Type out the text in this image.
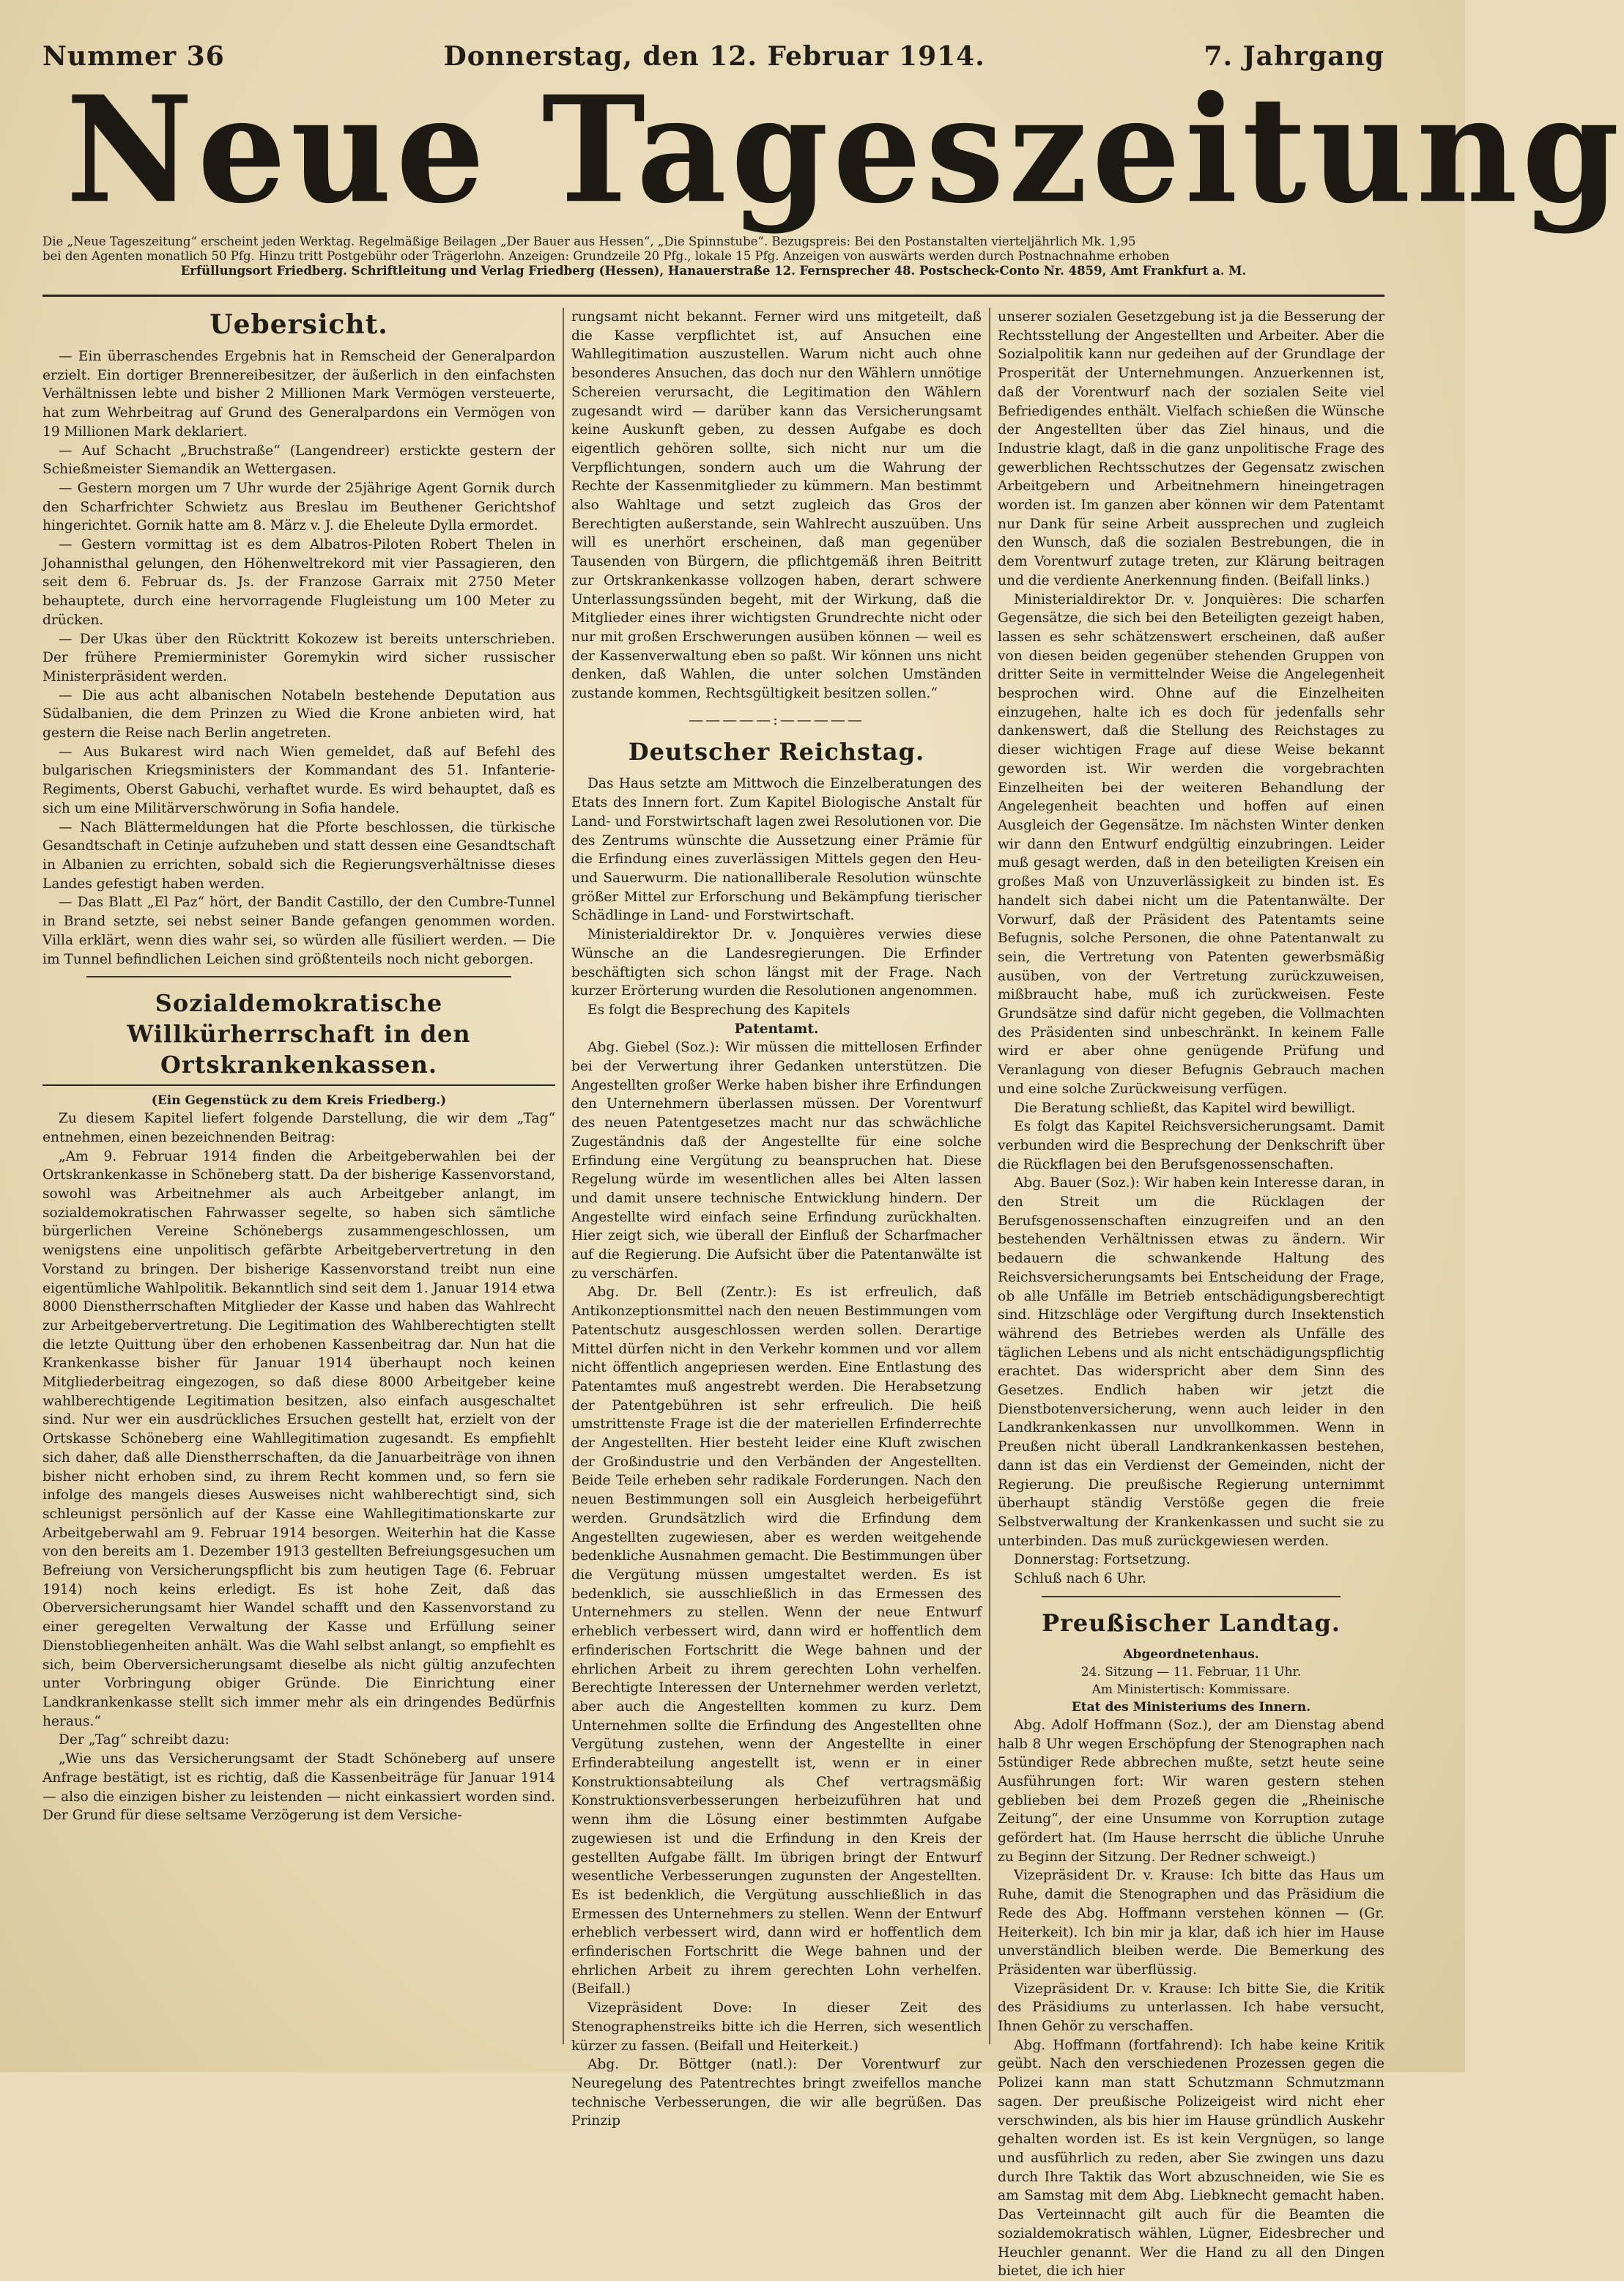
Nummer 36	Donnerstag, den 12. Februar 1914.	7. Jahrgang
Neue Tageszeitung
Die „Neue Tageszeitung“ erscheint jeden Werktag. Regelmäßige Beilagen „Der Bauer aus Hessen“, „Die Spinnstube“. Bezugspreis: Bei den Postanstalten vierteljährlich Mk. 1,95
bei den Agenten monatlich 50 Pfg. Hinzu tritt Postgebühr oder Trägerlohn. Anzeigen: Grundzeile 20 Pfg., lokale 15 Pfg. Anzeigen von auswärts werden durch Postnachnahme erhoben
Erfüllungsort Friedberg. Schriftleitung und Verlag Friedberg (Hessen), Hanauerstraße 12. Fernsprecher 48. Postscheck-Conto Nr. 4859, Amt Frankfurt a. M.
Uebersicht.

— Ein überraschendes Ergebnis hat in Remscheid der Generalpardon erzielt. Ein dortiger Brennereibesitzer, der äußerlich in den einfachsten Verhältnissen lebte und bisher 2 Millionen Mark Vermögen versteuerte, hat zum Wehrbeitrag auf Grund des Generalpardons ein Vermögen von 19 Millionen Mark deklariert.

— Auf Schacht „Bruchstraße“ (Langendreer) erstickte gestern der Schießmeister Siemandik an Wettergasen.

— Gestern morgen um 7 Uhr wurde der 25jährige Agent Gornik durch den Scharfrichter Schwietz aus Breslau im Beuthener Gerichtshof hingerichtet. Gornik hatte am 8. März v. J. die Eheleute Dylla ermordet.

— Gestern vormittag ist es dem Albatros-Piloten Robert Thelen in Johannisthal gelungen, den Höhenweltrekord mit vier Passagieren, den seit dem 6. Februar ds. Js. der Franzose Garraix mit 2750 Meter behauptete, durch eine hervorragende Flugleistung um 100 Meter zu drücken.

— Der Ukas über den Rücktritt Kokozew ist bereits unterschrieben. Der frühere Premierminister Goremykin wird sicher russischer Ministerpräsident werden.

— Die aus acht albanischen Notabeln bestehende Deputation aus Südalbanien, die dem Prinzen zu Wied die Krone anbieten wird, hat gestern die Reise nach Berlin angetreten.

— Aus Bukarest wird nach Wien gemeldet, daß auf Befehl des bulgarischen Kriegsministers der Kommandant des 51. Infanterie-Regiments, Oberst Gabuchi, verhaftet wurde. Es wird behauptet, daß es sich um eine Militärverschwörung in Sofia handele.

— Nach Blättermeldungen hat die Pforte beschlossen, die türkische Gesandtschaft in Cetinje aufzuheben und statt dessen eine Gesandtschaft in Albanien zu errichten, sobald sich die Regierungsverhältnisse dieses Landes gefestigt haben werden.

— Das Blatt „El Paz“ hört, der Bandit Castillo, der den Cumbre-Tunnel in Brand setzte, sei nebst seiner Bande gefangen genommen worden. Villa erklärt, wenn dies wahr sei, so würden alle füsiliert werden. — Die im Tunnel befindlichen Leichen sind größtenteils noch nicht geborgen.

Sozialdemokratische Willkürherrschaft in den Ortskrankenkassen.
(Ein Gegenstück zu dem Kreis Friedberg.)

Zu diesem Kapitel liefert folgende Darstellung, die wir dem „Tag“ entnehmen, einen bezeichnenden Beitrag:

„Am 9. Februar 1914 finden die Arbeitgeberwahlen bei der Ortskrankenkasse in Schöneberg statt. Da der bisherige Kassenvorstand, sowohl was Arbeitnehmer als auch Arbeitgeber anlangt, im sozialdemokratischen Fahrwasser segelte, so haben sich sämtliche bürgerlichen Vereine Schönebergs zusammengeschlossen, um wenigstens eine unpolitisch gefärbte Arbeitgebervertretung in den Vorstand zu bringen. Der bisherige Kassenvorstand treibt nun eine eigentümliche Wahlpolitik. Bekanntlich sind seit dem 1. Januar 1914 etwa 8000 Dienstherrschaften Mitglieder der Kasse und haben das Wahlrecht zur Arbeitgebervertretung. Die Legitimation des Wahlberechtigten stellt die letzte Quittung über den erhobenen Kassenbeitrag dar. Nun hat die Krankenkasse bisher für Januar 1914 überhaupt noch keinen Mitgliederbeitrag eingezogen, so daß diese 8000 Arbeitgeber keine wahlberechtigende Legitimation besitzen, also einfach ausgeschaltet sind. Nur wer ein ausdrückliches Ersuchen gestellt hat, erzielt von der Ortskasse Schöneberg eine Wahllegitimation zugesandt. Es empfiehlt sich daher, daß alle Dienstherrschaften, da die Januarbeiträge von ihnen bisher nicht erhoben sind, zu ihrem Recht kommen und, so fern sie infolge des mangels dieses Ausweises nicht wahlberechtigt sind, sich schleunigst persönlich auf der Kasse eine Wahllegitimationskarte zur Arbeitgeberwahl am 9. Februar 1914 besorgen. Weiterhin hat die Kasse von den bereits am 1. Dezember 1913 gestellten Befreiungsgesuchen um Befreiung von Versicherungspflicht bis zum heutigen Tage (6. Februar 1914) noch keins erledigt. Es ist hohe Zeit, daß das Oberversicherungsamt hier Wandel schafft und den Kassenvorstand zu einer geregelten Verwaltung der Kasse und Erfüllung seiner Dienstobliegenheiten anhält. Was die Wahl selbst anlangt, so empfiehlt es sich, beim Oberversicherungsamt dieselbe als nicht gültig anzufechten unter Vorbringung obiger Gründe. Die Einrichtung einer Landkrankenkasse stellt sich immer mehr als ein dringendes Bedürfnis heraus.“

Der „Tag“ schreibt dazu:

„Wie uns das Versicherungsamt der Stadt Schöneberg auf unsere Anfrage bestätigt, ist es richtig, daß die Kassenbeiträge für Januar 1914 — also die einzigen bisher zu leistenden — nicht einkassiert worden sind. Der Grund für diese seltsame Verzögerung ist dem Versiche-

rungsamt nicht bekannt. Ferner wird uns mitgeteilt, daß die Kasse verpflichtet ist, auf Ansuchen eine Wahllegitimation auszustellen. Warum nicht auch ohne besonderes Ansuchen, das doch nur den Wählern unnötige Schereien verursacht, die Legitimation den Wählern zugesandt wird — darüber kann das Versicherungsamt keine Auskunft geben, zu dessen Aufgabe es doch eigentlich gehören sollte, sich nicht nur um die Verpflichtungen, sondern auch um die Wahrung der Rechte der Kassenmitglieder zu kümmern. Man bestimmt also Wahltage und setzt zugleich das Gros der Berechtigten außerstande, sein Wahlrecht auszuüben. Uns will es unerhört erscheinen, daß man gegenüber Tausenden von Bürgern, die pflichtgemäß ihren Beitritt zur Ortskrankenkasse vollzogen haben, derart schwere Unterlassungssünden begeht, mit der Wirkung, daß die Mitglieder eines ihrer wichtigsten Grundrechte nicht oder nur mit großen Erschwerungen ausüben können — weil es der Kassenverwaltung eben so paßt. Wir können uns nicht denken, daß Wahlen, die unter solchen Umständen zustande kommen, Rechtsgültigkeit besitzen sollen.“

—————:—————
Deutscher Reichstag.

Das Haus setzte am Mittwoch die Einzelberatungen des Etats des Innern fort. Zum Kapitel Biologische Anstalt für Land- und Forstwirtschaft lagen zwei Resolutionen vor. Die des Zentrums wünschte die Aussetzung einer Prämie für die Erfindung eines zuverlässigen Mittels gegen den Heu- und Sauerwurm. Die nationalliberale Resolution wünschte größer Mittel zur Erforschung und Bekämpfung tierischer Schädlinge in Land- und Forstwirtschaft.

Ministerialdirektor Dr. v. Jonquières verwies diese Wünsche an die Landesregierungen. Die Erfinder beschäftigten sich schon längst mit der Frage. Nach kurzer Erörterung wurden die Resolutionen angenommen.

Es folgt die Besprechung des Kapitels

Patentamt.

Abg. Giebel (Soz.): Wir müssen die mittellosen Erfinder bei der Verwertung ihrer Gedanken unterstützen. Die Angestellten großer Werke haben bisher ihre Erfindungen den Unternehmern überlassen müssen. Der Vorentwurf des neuen Patentgesetzes macht nur das schwächliche Zugeständnis daß der Angestellte für eine solche Erfindung eine Vergütung zu beanspruchen hat. Diese Regelung würde im wesentlichen alles bei Alten lassen und damit unsere technische Entwicklung hindern. Der Angestellte wird einfach seine Erfindung zurückhalten. Hier zeigt sich, wie überall der Einfluß der Scharfmacher auf die Regierung. Die Aufsicht über die Patentanwälte ist zu verschärfen.

Abg. Dr. Bell (Zentr.): Es ist erfreulich, daß Antikonzeptionsmittel nach den neuen Bestimmungen vom Patentschutz ausgeschlossen werden sollen. Derartige Mittel dürfen nicht in den Verkehr kommen und vor allem nicht öffentlich angepriesen werden. Eine Entlastung des Patentamtes muß angestrebt werden. Die Herabsetzung der Patentgebühren ist sehr erfreulich. Die heiß umstrittenste Frage ist die der materiellen Erfinderrechte der Angestellten. Hier besteht leider eine Kluft zwischen der Großindustrie und den Verbänden der Angestellten. Beide Teile erheben sehr radikale Forderungen. Nach den neuen Bestimmungen soll ein Ausgleich herbeigeführt werden. Grundsätzlich wird die Erfindung dem Angestellten zugewiesen, aber es werden weitgehende bedenkliche Ausnahmen gemacht. Die Bestimmungen über die Vergütung müssen umgestaltet werden. Es ist bedenklich, sie ausschließlich in das Ermessen des Unternehmers zu stellen. Wenn der neue Entwurf erheblich verbessert wird, dann wird er hoffentlich dem erfinderischen Fortschritt die Wege bahnen und der ehrlichen Arbeit zu ihrem gerechten Lohn verhelfen. Berechtigte Interessen der Unternehmer werden verletzt, aber auch die Angestellten kommen zu kurz. Dem Unternehmen sollte die Erfindung des Angestellten ohne Vergütung zustehen, wenn der Angestellte in einer Erfinderabteilung angestellt ist, wenn er in einer Konstruktionsabteilung als Chef vertragsmäßig Konstruktionsverbesserungen herbeizuführen hat und wenn ihm die Lösung einer bestimmten Aufgabe zugewiesen ist und die Erfindung in den Kreis der gestellten Aufgabe fällt. Im übrigen bringt der Entwurf wesentliche Verbesserungen zugunsten der Angestellten. Es ist bedenklich, die Vergütung ausschließlich in das Ermessen des Unternehmers zu stellen. Wenn der Entwurf erheblich verbessert wird, dann wird er hoffentlich dem erfinderischen Fortschritt die Wege bahnen und der ehrlichen Arbeit zu ihrem gerechten Lohn verhelfen. (Beifall.)

Vizepräsident Dove: In dieser Zeit des Stenographenstreiks bitte ich die Herren, sich wesentlich kürzer zu fassen. (Beifall und Heiterkeit.)

Abg. Dr. Böttger (natl.): Der Vorentwurf zur Neuregelung des Patentrechtes bringt zweifellos manche technische Verbesserungen, die wir alle begrüßen. Das Prinzip

unserer sozialen Gesetzgebung ist ja die Besserung der Rechtsstellung der Angestellten und Arbeiter. Aber die Sozialpolitik kann nur gedeihen auf der Grundlage der Prosperität der Unternehmungen. Anzuerkennen ist, daß der Vorentwurf nach der sozialen Seite viel Befriedigendes enthält. Vielfach schießen die Wünsche der Angestellten über das Ziel hinaus, und die Industrie klagt, daß in die ganz unpolitische Frage des gewerblichen Rechtsschutzes der Gegensatz zwischen Arbeitgebern und Arbeitnehmern hineingetragen worden ist. Im ganzen aber können wir dem Patentamt nur Dank für seine Arbeit aussprechen und zugleich den Wunsch, daß die sozialen Bestrebungen, die in dem Vorentwurf zutage treten, zur Klärung beitragen und die verdiente Anerkennung finden. (Beifall links.)

Ministerialdirektor Dr. v. Jonquières: Die scharfen Gegensätze, die sich bei den Beteiligten gezeigt haben, lassen es sehr schätzenswert erscheinen, daß außer von diesen beiden gegenüber stehenden Gruppen von dritter Seite in vermittelnder Weise die Angelegenheit besprochen wird. Ohne auf die Einzelheiten einzugehen, halte ich es doch für jedenfalls sehr dankenswert, daß die Stellung des Reichstages zu dieser wichtigen Frage auf diese Weise bekannt geworden ist. Wir werden die vorgebrachten Einzelheiten bei der weiteren Behandlung der Angelegenheit beachten und hoffen auf einen Ausgleich der Gegensätze. Im nächsten Winter denken wir dann den Entwurf endgültig einzubringen. Leider muß gesagt werden, daß in den beteiligten Kreisen ein großes Maß von Unzuverlässigkeit zu binden ist. Es handelt sich dabei nicht um die Patentanwälte. Der Vorwurf, daß der Präsident des Patentamts seine Befugnis, solche Personen, die ohne Patentanwalt zu sein, die Vertretung von Patenten gewerbsmäßig ausüben, von der Vertretung zurückzuweisen, mißbraucht habe, muß ich zurückweisen. Feste Grundsätze sind dafür nicht gegeben, die Vollmachten des Präsidenten sind unbeschränkt. In keinem Falle wird er aber ohne genügende Prüfung und Veranlagung von dieser Befugnis Gebrauch machen und eine solche Zurückweisung verfügen.

Die Beratung schließt, das Kapitel wird bewilligt.

Es folgt das Kapitel Reichsversicherungsamt. Damit verbunden wird die Besprechung der Denkschrift über die Rückflagen bei den Berufsgenossenschaften.

Abg. Bauer (Soz.): Wir haben kein Interesse daran, in den Streit um die Rücklagen der Berufsgenossenschaften einzugreifen und an den bestehenden Verhältnissen etwas zu ändern. Wir bedauern die schwankende Haltung des Reichsversicherungsamts bei Entscheidung der Frage, ob alle Unfälle im Betrieb entschädigungsberechtigt sind. Hitzschläge oder Vergiftung durch Insektenstich während des Betriebes werden als Unfälle des täglichen Lebens und als nicht entschädigungspflichtig erachtet. Das widerspricht aber dem Sinn des Gesetzes. Endlich haben wir jetzt die Dienstbotenversicherung, wenn auch leider in den Landkrankenkassen nur unvollkommen. Wenn in Preußen nicht überall Landkrankenkassen bestehen, dann ist das ein Verdienst der Gemeinden, nicht der Regierung. Die preußische Regierung unternimmt überhaupt ständig Verstöße gegen die freie Selbstverwaltung der Krankenkassen und sucht sie zu unterbinden. Das muß zurückgewiesen werden.

Donnerstag: Fortsetzung.

Schluß nach 6 Uhr.

Preußischer Landtag.
Abgeordnetenhaus.
24. Sitzung — 11. Februar, 11 Uhr.
Am Ministertisch: Kommissare.
Etat des Ministeriums des Innern.

Abg. Adolf Hoffmann (Soz.), der am Dienstag abend halb 8 Uhr wegen Erschöpfung der Stenographen nach 5stündiger Rede abbrechen mußte, setzt heute seine Ausführungen fort: Wir waren gestern stehen geblieben bei dem Prozeß gegen die „Rheinische Zeitung“, der eine Unsumme von Korruption zutage gefördert hat. (Im Hause herrscht die übliche Unruhe zu Beginn der Sitzung. Der Redner schweigt.)

Vizepräsident Dr. v. Krause: Ich bitte das Haus um Ruhe, damit die Stenographen und das Präsidium die Rede des Abg. Hoffmann verstehen können — (Gr. Heiterkeit). Ich bin mir ja klar, daß ich hier im Hause unverständlich bleiben werde. Die Bemerkung des Präsidenten war überflüssig.

Vizepräsident Dr. v. Krause: Ich bitte Sie, die Kritik des Präsidiums zu unterlassen. Ich habe versucht, Ihnen Gehör zu verschaffen.

Abg. Hoffmann (fortfahrend): Ich habe keine Kritik geübt. Nach den verschiedenen Prozessen gegen die Polizei kann man statt Schutzmann Schmutzmann sagen. Der preußische Polizeigeist wird nicht eher verschwinden, als bis hier im Hause gründlich Auskehr gehalten worden ist. Es ist kein Vergnügen, so lange und ausführlich zu reden, aber Sie zwingen uns dazu durch Ihre Taktik das Wort abzuschneiden, wie Sie es am Samstag mit dem Abg. Liebknecht gemacht haben. Das Verteinnacht gilt auch für die Beamten die sozialdemokratisch wählen, Lügner, Eidesbrecher und Heuchler genannt. Wer die Hand zu all den Dingen bietet, die ich hier
